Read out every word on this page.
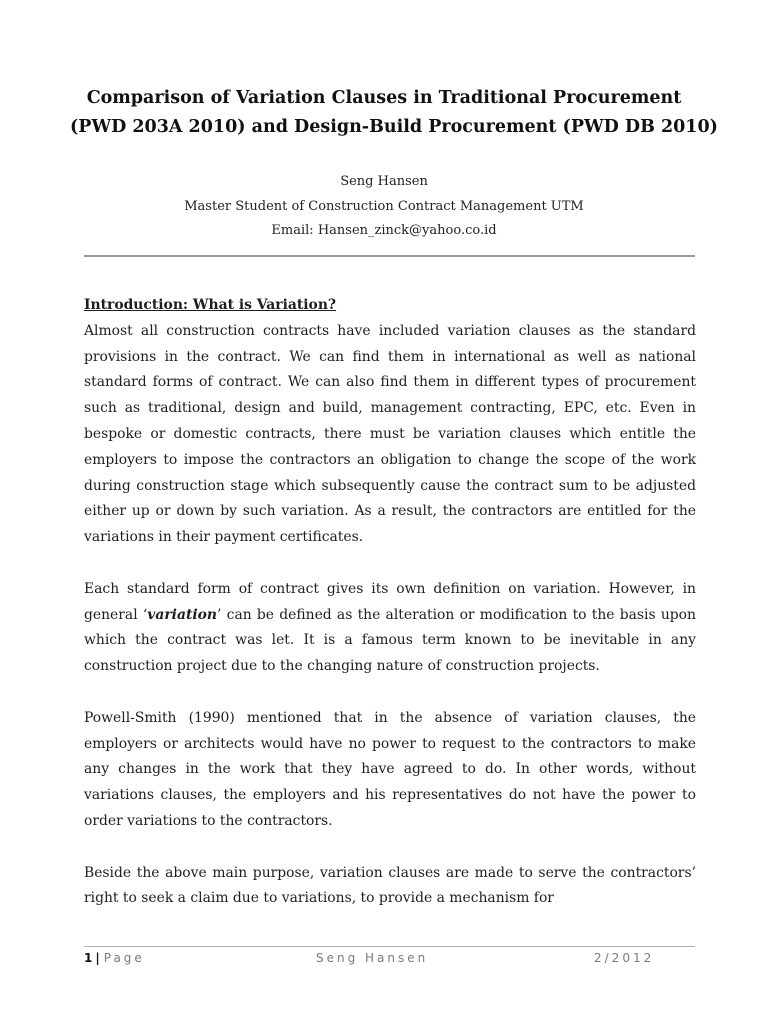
Comparison of Variation Clauses in Traditional Procurement
(PWD 203A 2010) and Design-Build Procurement (PWD DB 2010)
Seng Hansen
Master Student of Construction Contract Management UTM
Email: Hansen_zinck@yahoo.co.id
Introduction: What is Variation?

Almost all construction contracts have included variation clauses as the standard provisions in the contract. We can find them in international as well as national standard forms of contract. We can also find them in different types of procurement such as traditional, design and build, management contracting, EPC, etc. Even in bespoke or domestic contracts, there must be variation clauses which entitle the employers to impose the contractors an obligation to change the scope of the work during construction stage which subsequently cause the contract sum to be adjusted either up or down by such variation. As a result, the contractors are entitled for the variations in their payment certificates.

Each standard form of contract gives its own definition on variation. However, in general ‘variation’ can be defined as the alteration or modification to the basis upon which the contract was let. It is a famous term known to be inevitable in any construction project due to the changing nature of construction projects.

Powell-Smith (1990) mentioned that in the absence of variation clauses, the employers or architects would have no power to request to the contractors to make any changes in the work that they have agreed to do. In other words, without variations clauses, the employers and his representatives do not have the power to order variations to the contractors.

Beside the above main purpose, variation clauses are made to serve the contractors’ right to seek a claim due to variations, to provide a mechanism for

1 | Page	Seng Hansen	2/2012
